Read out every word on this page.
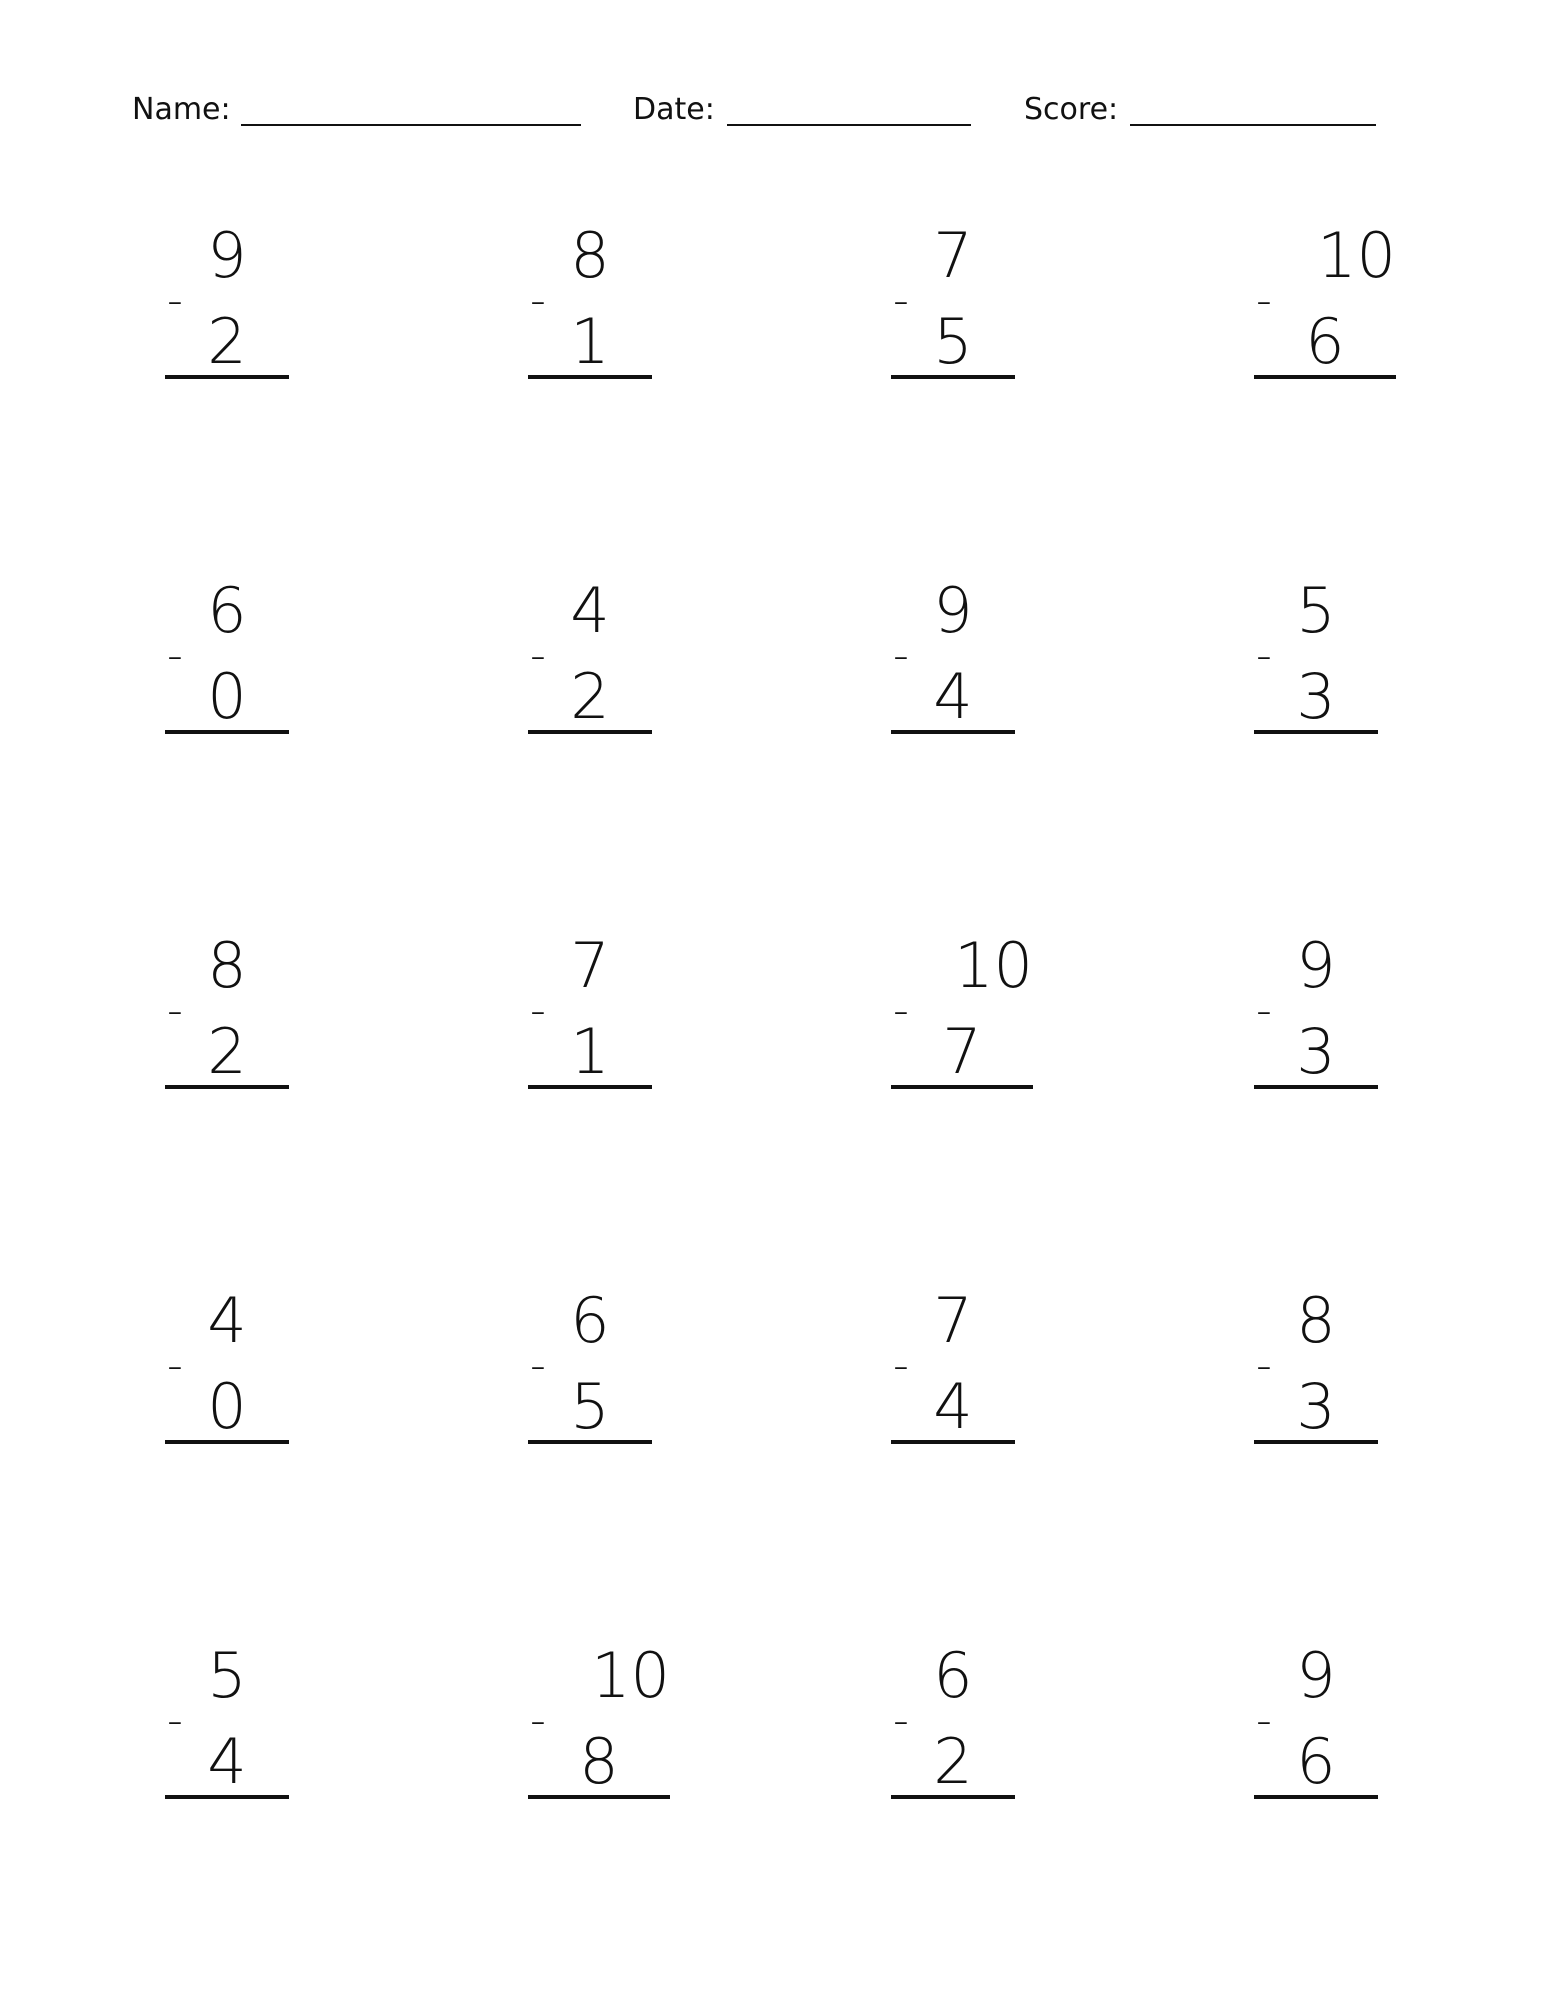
Name:	Date:	Score:
9
-
2
8
-
1
7
-
5
10
-
6
6
-
0
4
-
2
9
-
4
5
-
3
8
-
2
7
-
1
10
-
7
9
-
3
4
-
0
6
-
5
7
-
4
8
-
3
5
-
4
10
-
8
6
-
2
9
-
6
